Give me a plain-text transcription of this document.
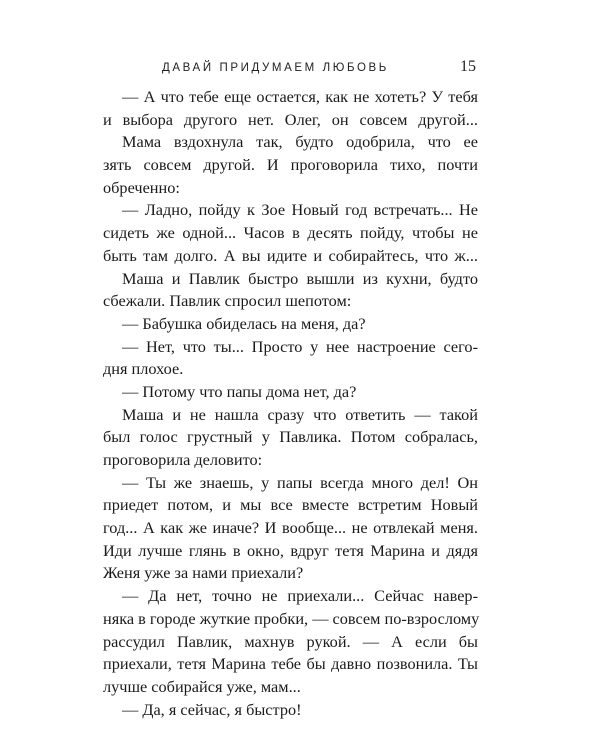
ДАВАЙ ПРИДУМАЕМ ЛЮБОВЬ	15
— А что тебе еще остается, как не хотеть? У тебя
и выбора другого нет. Олег, он совсем другой...
Мама вздохнула так, будто одобрила, что ее
зять совсем другой. И проговорила тихо, почти
обреченно:
— Ладно, пойду к Зое Новый год встречать... Не
сидеть же одной... Часов в десять пойду, чтобы не
быть там долго. А вы идите и собирайтесь, что ж...
Маша и Павлик быстро вышли из кухни, будто
сбежали. Павлик спросил шепотом:
— Бабушка обиделась на меня, да?
— Нет, что ты... Просто у нее настроение сего-
дня плохое.
— Потому что папы дома нет, да?
Маша и не нашла сразу что ответить — такой
был голос грустный у Павлика. Потом собралась,
проговорила деловито:
— Ты же знаешь, у папы всегда много дел! Он
приедет потом, и мы все вместе встретим Новый
год... А как же иначе? И вообще... не отвлекай меня.
Иди лучше глянь в окно, вдруг тетя Марина и дядя
Женя уже за нами приехали?
— Да нет, точно не приехали... Сейчас навер-
няка в городе жуткие пробки, — совсем по-взрослому
рассудил Павлик, махнув рукой. — А если бы
приехали, тетя Марина тебе бы давно позвонила. Ты
лучше собирайся уже, мам...
— Да, я сейчас, я быстро!
